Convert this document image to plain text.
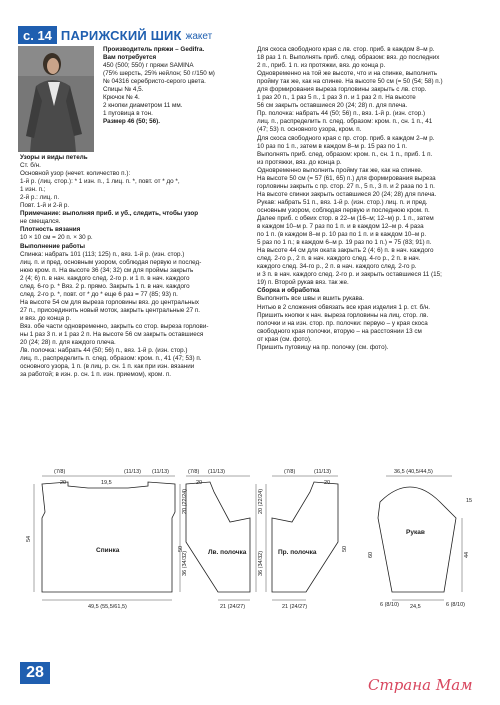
c. 14 ПАРИЖСКИЙ ШИК жакет
Производитель пряжи – Gedifra.
Вам потребуется
450 (500; 550) г пряжи SAMINA
(75% шерсть, 25% нейлон; 50 г/150 м)
№ 04316 серебристо-серого цвета.
Спицы № 4,5.
Крючок № 4.
2 кнопки диаметром 11 мм.
1 пуговица в тон.
Размер 46 (50; 56).
Узоры и виды петель
Ст. б/н.
Основной узор (нечет. количество п.):
1-й р. (лиц. стор.): * 1 изн. п., 1 лиц. п. *, повт. от * до *,
1 изн. п.;
2-й р.: лиц. п.
Повт. 1-й и 2-й р.
Примечание: выполняя приб. и уб., следить, чтобы узор
не смещался.
Плотность вязания
10 × 10 см = 20 п. × 30 р.
Выполнение работы
Спинка: набрать 101 (113; 125) п., вяз. 1-й р. (изн. стор.)
лиц. п. и пред. основным узором, соблюдая первую и послед-
нюю кром. п. На высоте 36 (34; 32) см для проймы закрыть
2 (4; 6) п. в нач. каждого след. 2-го р. и 1 п. в нач. каждого
след. 6-го р. * Вяз. 2 р. прямо. Закрыть 1 п. в нач. каждого
след. 2-го р. *, повт. от * до * еще 6 раз = 77 (85; 93) п.
На высоте 54 см для выреза горловины вяз. до центральных
27 п., присоединить новый моток, закрыть центральные 27 п.
и вяз. до конца р.
Вяз. обе части одновременно, закрыть со стор. выреза горлови-
ны 1 раз 3 п. и 1 раз 2 п. На высоте 56 см закрыть оставшиеся
20 (24; 28) п. для каждого плеча.
Лв. полочка: набрать 44 (50; 56) п., вяз. 1-й р. (изн. стор.)
лиц. п., распределить п. след. образом: кром. п., 41 (47; 53) п.
основного узора, 1 п. (в лиц. р. сн. 1 п. как при изн. вязании
за работой; в изн. р. сн. 1 п. изн. приемом), кром. п.
Для скоса свободного края с лв. стор. приб. в каждом 8–м р.
18 раз 1 п. Выполнять приб. след. образом: вяз. до последних
2 п., приб. 1 п. из протяжки, вяз. до конца р.
Одновременно на той же высоте, что и на спинке, выполнить
пройму так же, как на спинке. На высоте 50 см (= 50 (54; 58) п.)
для формирования выреза горловины закрыть с лв. стор.
1 раз 20 п., 1 раз 5 п., 1 раз 3 п. и 1 раз 2 п. На высоте
56 см закрыть оставшиеся 20 (24; 28) п. для плеча.
Пр. полочка: набрать 44 (50; 56) п., вяз. 1-й р. (изн. стор.)
лиц. п., распределить п. след. образом: кром. п., сн. 1 п., 41
(47; 53) п. основного узора, кром. п.
Для скоса свободного края с пр. стор. приб. в каждом 2–м р.
10 раз по 1 п., затем в каждом 8–м р. 15 раз по 1 п.
Выполнять приб. след. образом: кром. п., сн. 1 п., приб. 1 п.
из протяжки, вяз. до конца р.
Одновременно выполнить пройму так же, как на спинке.
На высоте 50 см (= 57 (61, 65) п.) для формирования выреза
горловины закрыть с пр. стор. 27 п., 5 п., 3 п. и 2 раза по 1 п.
На высоте спинки закрыть оставшиеся 20 (24; 28) для плеча.
Рукав: набрать 51 п., вяз. 1-й р. (изн. стор.) лиц. п. и пред.
основным узором, соблюдая первую и последнюю кром. п.
Далее приб. с обеих стор. в 22–м (16–м; 12–м) р. 1 п., затем
в каждом 10–м р. 7 раз по 1 п. и в каждом 12–м р. 4 раза
по 1 п. (в каждом 8–м р. 10 раз по 1 п. и в каждом 10–м р.
5 раз по 1 п.; в каждом 6–м р. 19 раз по 1 п.) = 75 (83; 91) п.
На высоте 44 см для оката закрыть 2 (4; 6) п. в нач. каждого
след. 2-го р., 2 п. в нач. каждого след. 4-го р., 2 п. в нач.
каждого след. 34-го р., 2 п. в нач. каждого след. 2-го р.
и 3 п. в нач. каждого след. 2-го р. и закрыть оставшиеся 11 (15;
19) п. Второй рукав вяз. так же.
Сборка и обработка
Выполнить все швы и вшить рукава.
Нитью в 2 сложения обвязать все края изделия 1 р. ст. б/н.
Пришить кнопки к нач. выреза горловины на лиц. стор. лв.
полочки и на изн. стор. пр. полочки: первую – у края скоса
свободного края полочки, вторую – на расстоянии 13 см
от края (см. фото).
Пришить пуговицу на пр. полочку (см. фото).
(7/8)	(11/13)
20	19,5
(11/13)
Спинка
49,5 (55,5/61,5)
54
20 (22/24)
36 (34/32)
(7/8) (11/13)
20
Лв. полочка
21 (24/27)
50
20 (22/24)
36 (34/32)
(7/8)	(11/13)
20
Пр. полочка
21 (24/27)
50
36,5 (40,5/44,5)
15
Рукав
60	44
24,5
6 (8/10)	6 (8/10)
28
Страна Мам
